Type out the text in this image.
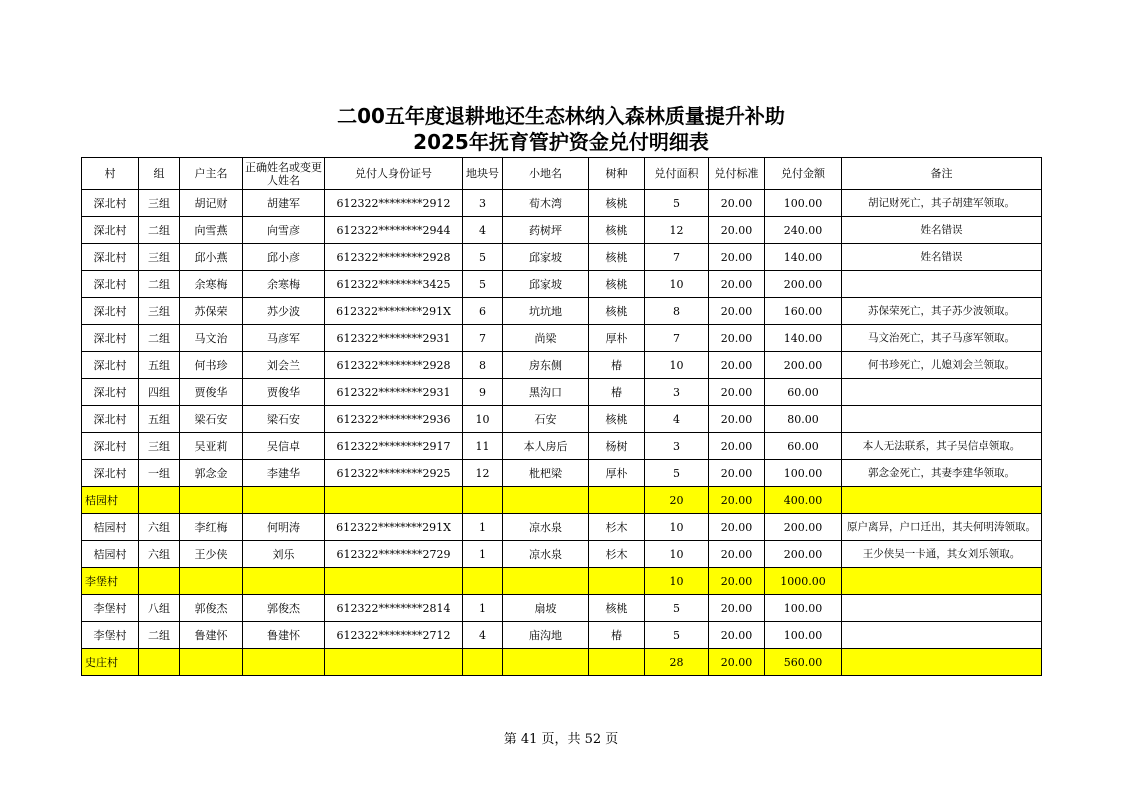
二00五年度退耕地还生态林纳入森林质量提升补助
2025年抚育管护资金兑付明细表
村	组	户主名	正确姓名或变更人姓名	兑付人身份证号	地块号	小地名	树种	兑付面积	兑付标准	兑付金额	备注
深北村	三组	胡记财	胡建军	612322********2912	3	荀木湾	核桃	5	20.00	100.00	胡记财死亡，其子胡建军领取。
深北村	二组	向雪燕	向雪彦	612322********2944	4	药树坪	核桃	12	20.00	240.00	姓名错误
深北村	三组	邱小燕	邱小彦	612322********2928	5	邱家坡	核桃	7	20.00	140.00	姓名错误
深北村	二组	余寒梅	余寒梅	612322********3425	5	邱家坡	核桃	10	20.00	200.00	
深北村	三组	苏保荣	苏少波	612322********291X	6	坑坑地	核桃	8	20.00	160.00	苏保荣死亡，其子苏少波领取。
深北村	二组	马文治	马彦军	612322********2931	7	尚梁	厚朴	7	20.00	140.00	马文治死亡，其子马彦军领取。
深北村	五组	何书珍	刘会兰	612322********2928	8	房东侧	椿	10	20.00	200.00	何书珍死亡，儿媳刘会兰领取。
深北村	四组	贾俊华	贾俊华	612322********2931	9	黑沟口	椿	3	20.00	60.00	
深北村	五组	梁石安	梁石安	612322********2936	10	石安	核桃	4	20.00	80.00	
深北村	三组	吴亚莉	吴信卓	612322********2917	11	本人房后	杨树	3	20.00	60.00	本人无法联系，其子吴信卓领取。
深北村	一组	郭念金	李建华	612322********2925	12	枇杷梁	厚朴	5	20.00	100.00	郭念金死亡，其妻李建华领取。
桔园村								20	20.00	400.00	
桔园村	六组	李红梅	何明涛	612322********291X	1	凉水泉	杉木	10	20.00	200.00	原户离异，户口迁出，其夫何明涛领取。
桔园村	六组	王少侠	刘乐	612322********2729	1	凉水泉	杉木	10	20.00	200.00	王少侠吴一卡通，其女刘乐领取。
李堡村								10	20.00	1000.00	
李堡村	八组	郭俊杰	郭俊杰	612322********2814	1	扇坡	核桃	5	20.00	100.00	
李堡村	二组	鲁建怀	鲁建怀	612322********2712	4	庙沟地	椿	5	20.00	100.00	
史庄村								28	20.00	560.00	
第 41 页，共 52 页
